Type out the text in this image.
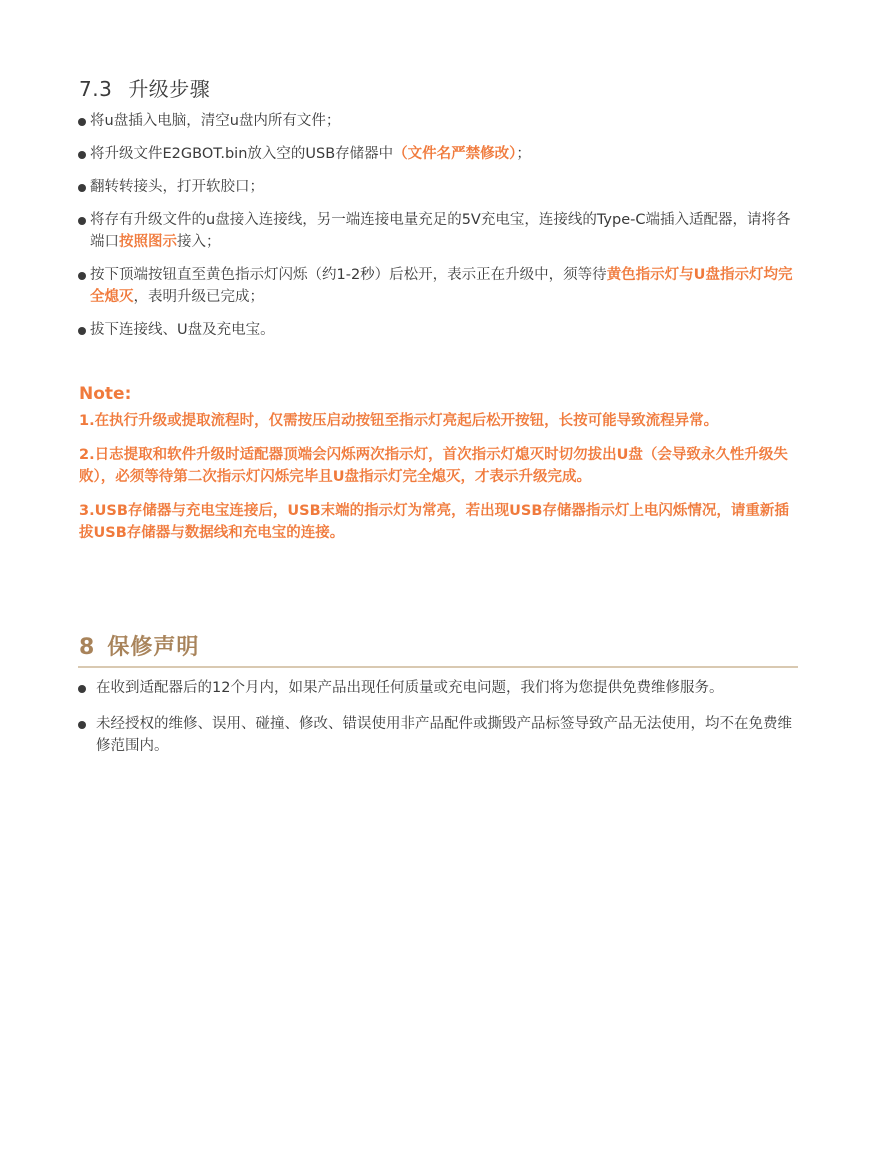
7.3 升级步骤
将u盘插入电脑，清空u盘内所有文件；
将升级文件E2GBOT.bin放入空的USB存储器中（文件名严禁修改）；
翻转转接头，打开软胶口；
将存有升级文件的u盘接入连接线，另一端连接电量充足的5V充电宝，连接线的Type-C端插入适配器，请将各端口按照图示接入；
按下顶端按钮直至黄色指示灯闪烁（约1-2秒）后松开，表示正在升级中，须等待黄色指示灯与U盘指示灯均完全熄灭，表明升级已完成；
拔下连接线、U盘及充电宝。
Note:
1.在执行升级或提取流程时，仅需按压启动按钮至指示灯亮起后松开按钮，长按可能导致流程异常。
2.日志提取和软件升级时适配器顶端会闪烁两次指示灯，首次指示灯熄灭时切勿拔出U盘（会导致永久性升级失败），必须等待第二次指示灯闪烁完毕且U盘指示灯完全熄灭，才表示升级完成。
3.USB存储器与充电宝连接后，USB末端的指示灯为常亮，若出现USB存储器指示灯上电闪烁情况，请重新插拔USB存储器与数据线和充电宝的连接。
8 保修声明
在收到适配器后的12个月内，如果产品出现任何质量或充电问题，我们将为您提供免费维修服务。
未经授权的维修、误用、碰撞、修改、错误使用非产品配件或撕毁产品标签导致产品无法使用，均不在免费维修范围内。
